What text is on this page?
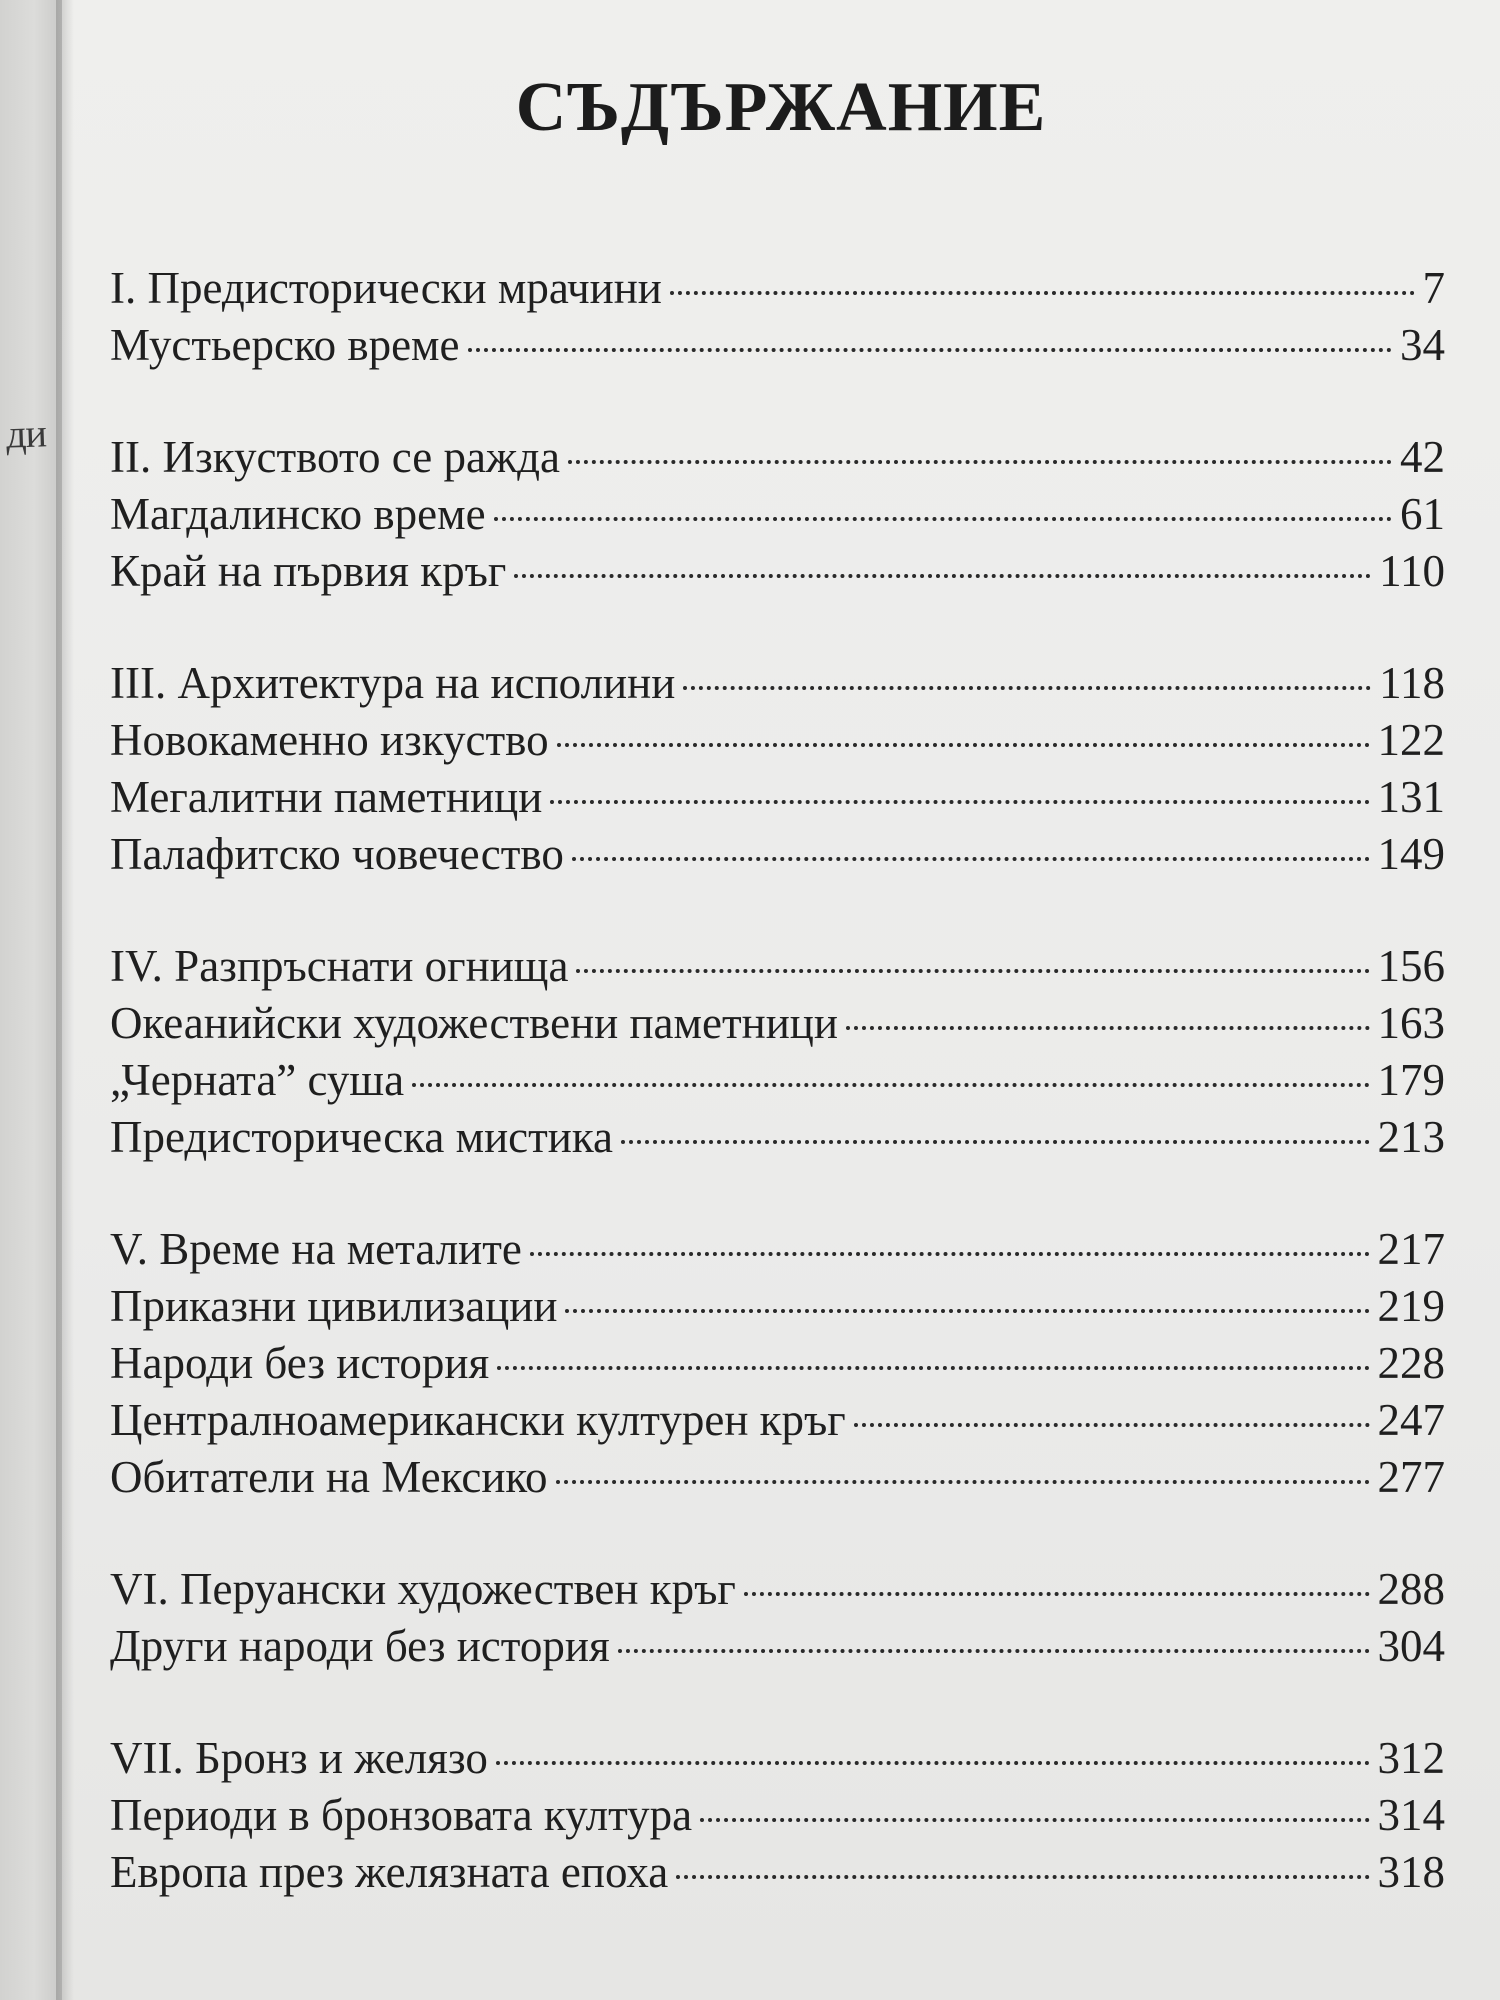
ди
СЪДЪРЖАНИЕ
I. Предисторически мрачини	7
Мустьерско време	34
II. Изкуството се ражда	42
Магдалинско време	61
Край на първия кръг	110
III. Архитектура на исполини	118
Новокаменно изкуство	122
Мегалитни паметници	131
Палафитско човечество	149
IV. Разпръснати огнища	156
Океанийски художествени паметници	163
„Черната” суша	179
Предисторическа мистика	213
V. Време на металите	217
Приказни цивилизации	219
Народи без история	228
Централноамерикански културен кръг	247
Обитатели на Мексико	277
VI. Перуански художествен кръг	288
Други народи без история	304
VII. Бронз и желязо	312
Периоди в бронзовата култура	314
Европа през желязната епоха	318
